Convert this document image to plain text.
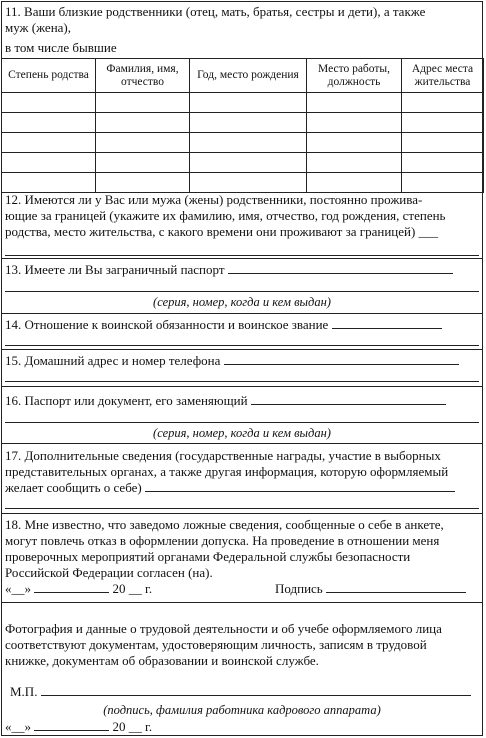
11. Ваши близкие родственники (отец, мать, братья, сестры и дети), а также
муж (жена),
в том числе бывшие
Степень родства	Фамилия, имя, отчество	Год, место рождения	Место работы, должность	Адрес места жительства

12. Имеются ли у Вас или мужа (жены) родственники, постоянно прожива-
ющие за границей (укажите их фамилию, имя, отчество, год рождения, степень
родства, место жительства, с какого времени они проживают за границей) ___
13. Имеете ли Вы заграничный паспорт
(серия, номер, когда и кем выдан)
14. Отношение к воинской обязанности и воинское звание
15. Домашний адрес и номер телефона
16. Паспорт или документ, его заменяющий
(серия, номер, когда и кем выдан)
17. Дополнительные сведения (государственные награды, участие в выборных
представительных органах, а также другая информация, которую оформляемый
желает сообщить о себе)
18. Мне известно, что заведомо ложные сведения, сообщенные о себе в анкете,
могут повлечь отказ в оформлении допуска. На проведение в отношении меня
проверочных мероприятий органами Федеральной службы безопасности
Российской Федерации согласен (на).
«__»	20 __ г.	Подпись
Фотография и данные о трудовой деятельности и об учебе оформляемого лица
соответствуют документам, удостоверяющим личность, записям в трудовой
книжке, документам об образовании и воинской службе.
М.П.
(подпись, фамилия работника кадрового аппарата)
«__»	20 __ г.
